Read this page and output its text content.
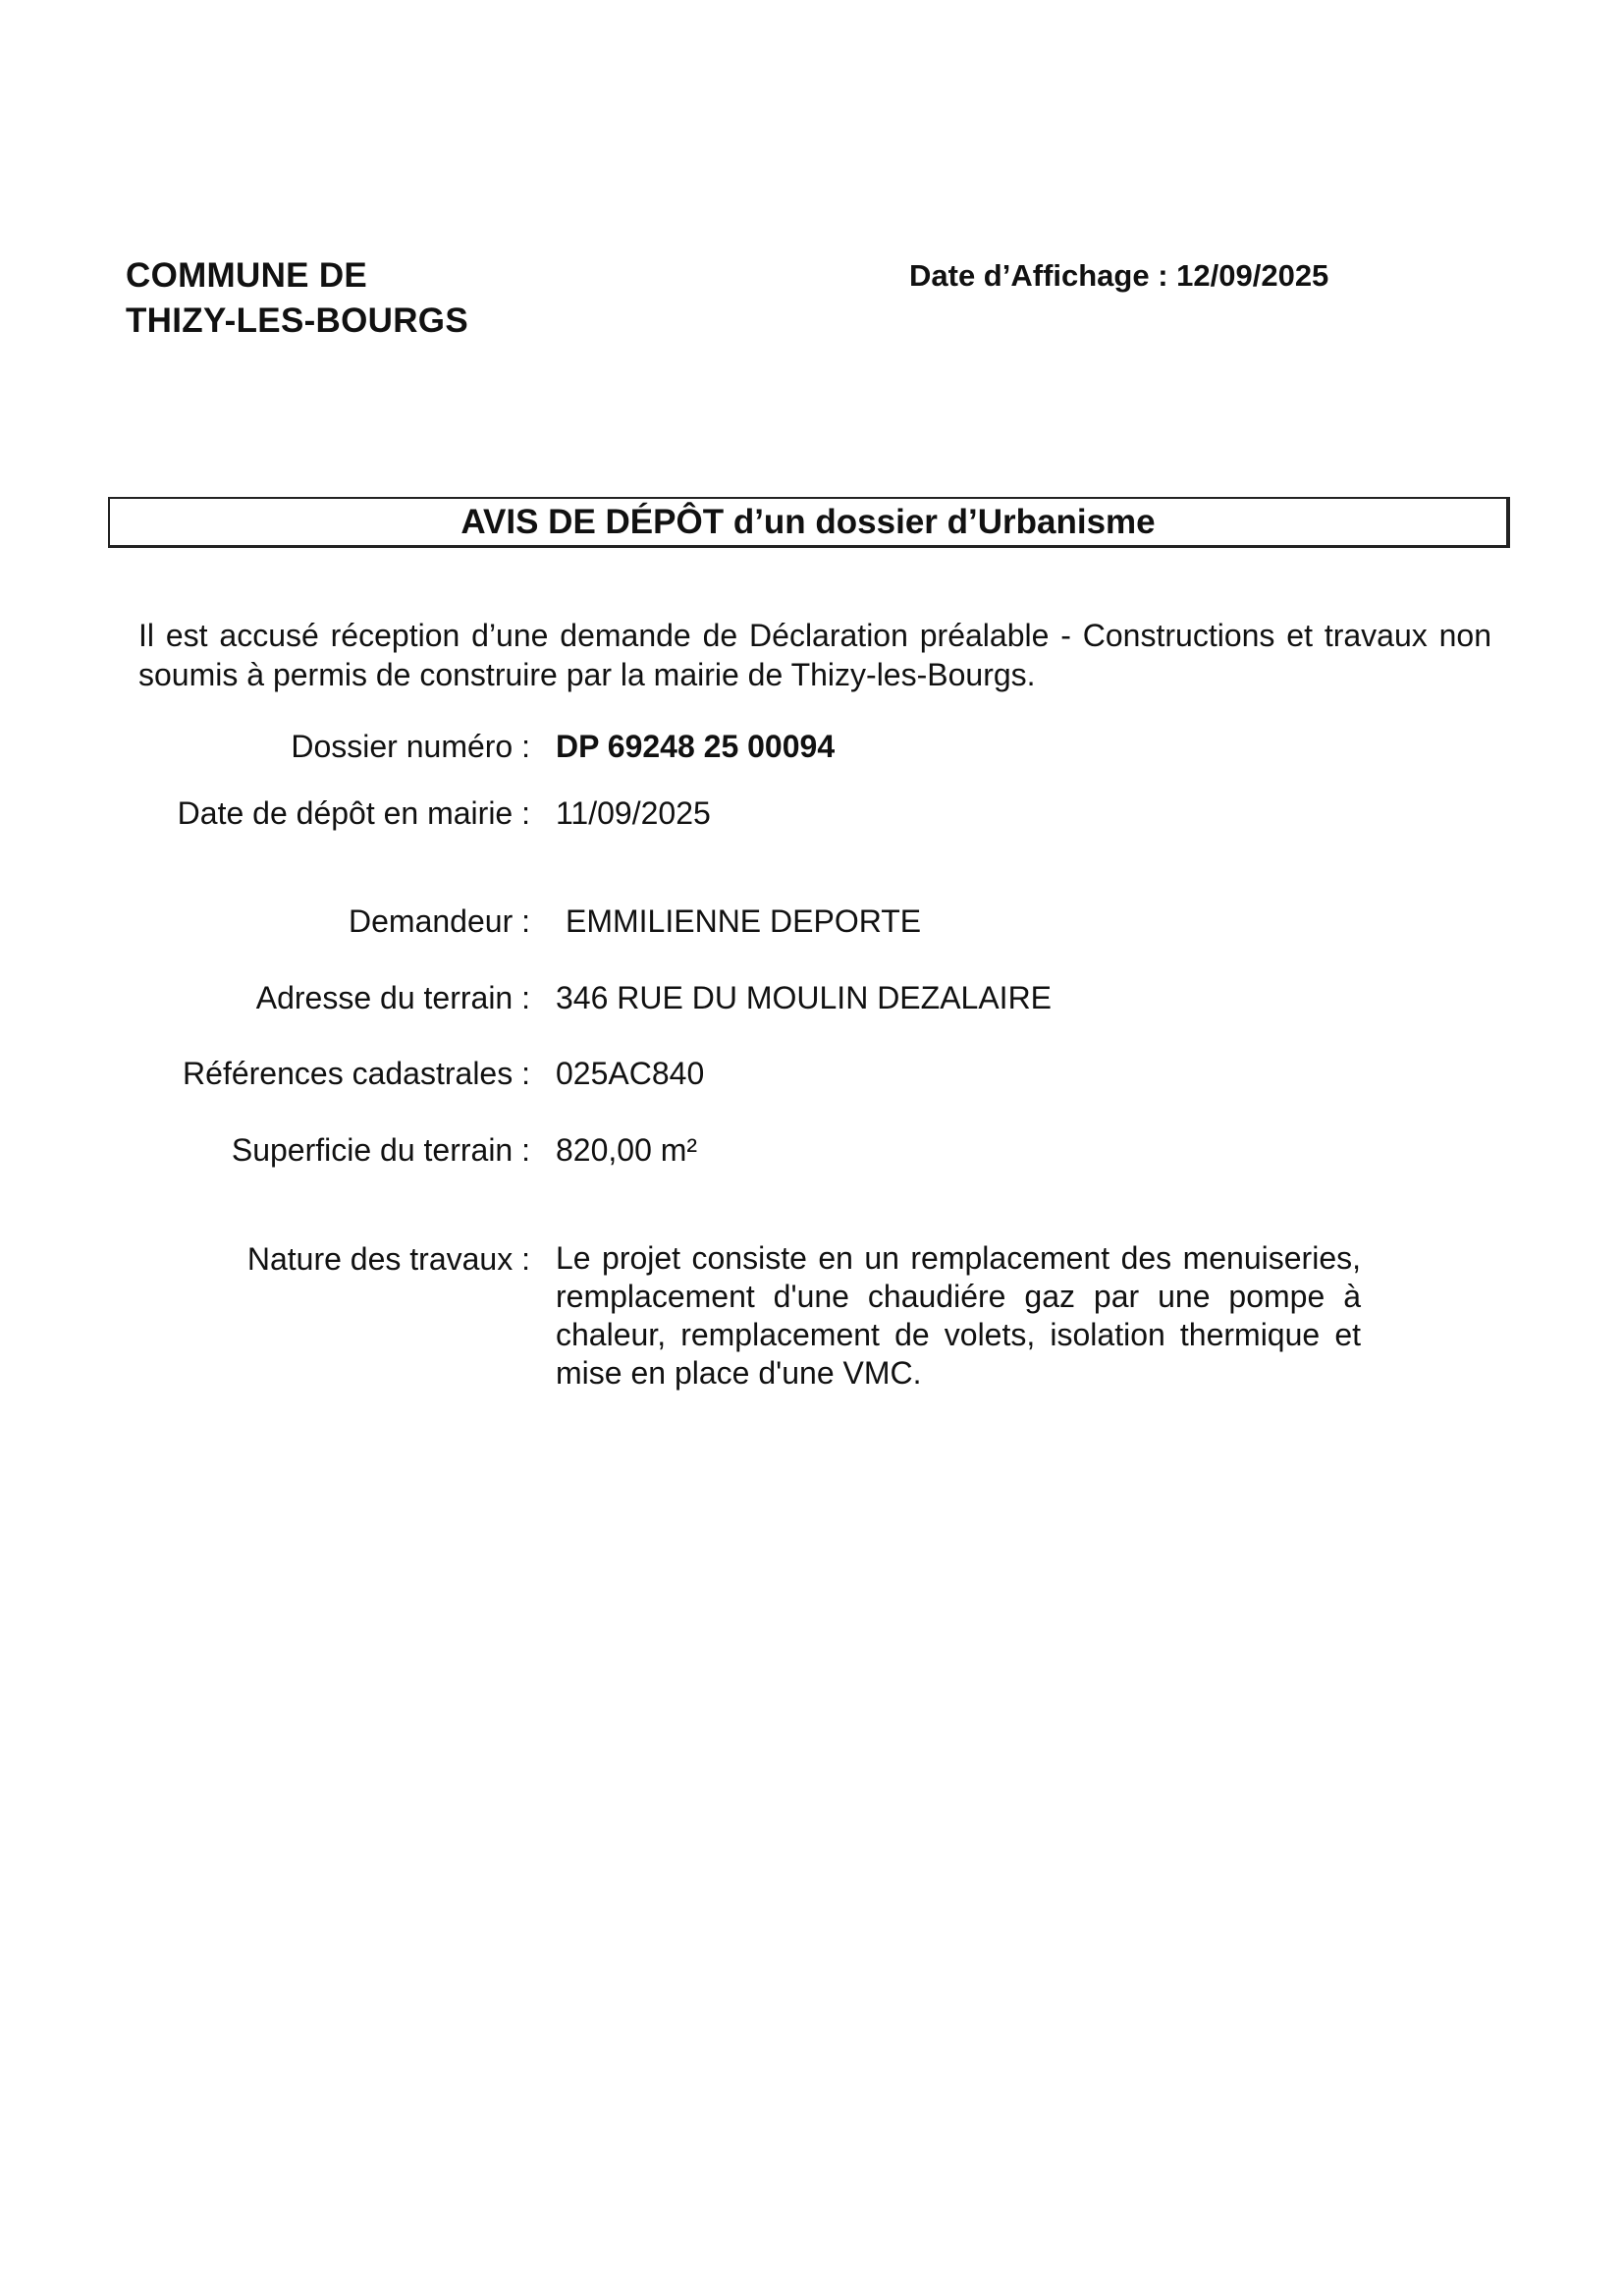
COMMUNE DE
THIZY-LES-BOURGS
Date d’Affichage : 12/09/2025
AVIS DE DÉPÔT d’un dossier d’Urbanisme
Il est accusé réception d’une demande de Déclaration préalable - Constructions et travaux non soumis à permis de construire par la mairie de Thizy-les-Bourgs.
Dossier numéro : DP 69248 25 00094
Date de dépôt en mairie : 11/09/2025
Demandeur : EMMILIENNE DEPORTE
Adresse du terrain : 346 RUE DU MOULIN DEZALAIRE
Références cadastrales : 025AC840
Superficie du terrain : 820,00 m²
Nature des travaux : Le projet consiste en un remplacement des menuiseries, remplacement d'une chaudiére gaz par une pompe à chaleur, remplacement de volets, isolation thermique et mise en place d'une VMC.
